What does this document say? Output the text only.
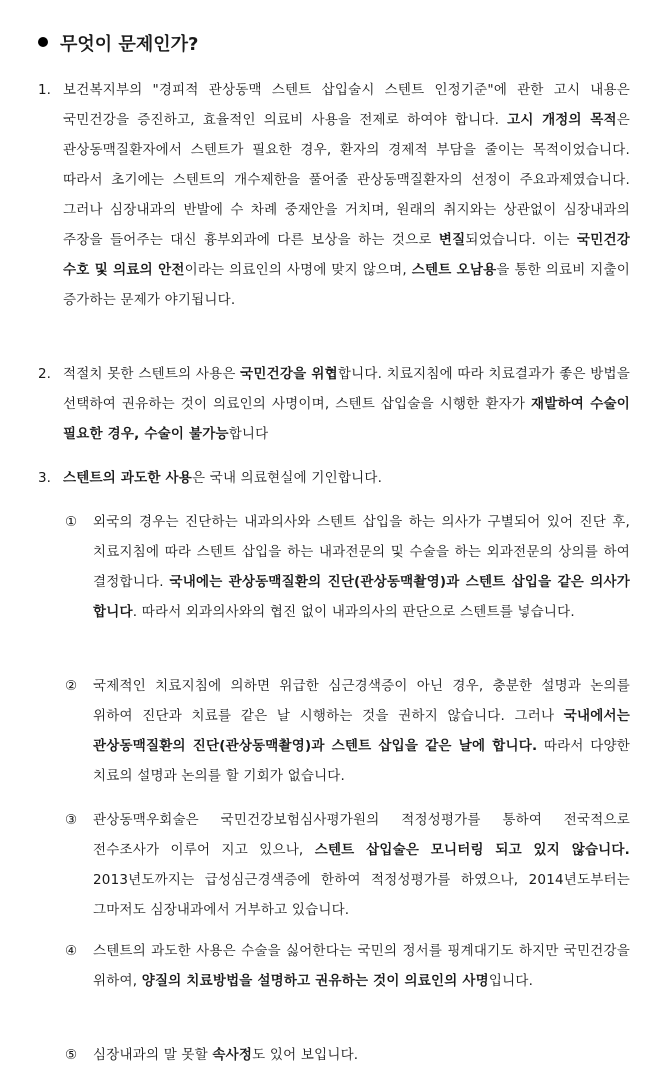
무엇이 문제인가?
1. 보건복지부의 "경피적 관상동맥 스텐트 삽입술시 스텐트 인정기준"에 관한 고시 내용은 국민건강을 증진하고, 효율적인 의료비 사용을 전제로 하여야 합니다. 고시 개정의 목적은 관상동맥질환자에서 스텐트가 필요한 경우, 환자의 경제적 부담을 줄이는 목적이었습니다. 따라서 초기에는 스텐트의 개수제한을 풀어줄 관상동맥질환자의 선정이 주요과제였습니다. 그러나 심장내과의 반발에 수 차례 중재안을 거치며, 원래의 취지와는 상관없이 심장내과의 주장을 들어주는 대신 흉부외과에 다른 보상을 하는 것으로 변질되었습니다. 이는 국민건강 수호 및 의료의 안전이라는 의료인의 사명에 맞지 않으며, 스텐트 오남용을 통한 의료비 지출이 증가하는 문제가 야기됩니다.
2. 적절치 못한 스텐트의 사용은 국민건강을 위협합니다. 치료지침에 따라 치료결과가 좋은 방법을 선택하여 권유하는 것이 의료인의 사명이며, 스텐트 삽입술을 시행한 환자가 재발하여 수술이 필요한 경우, 수술이 불가능합니다
3. 스텐트의 과도한 사용은 국내 의료현실에 기인합니다.
① 외국의 경우는 진단하는 내과의사와 스텐트 삽입을 하는 의사가 구별되어 있어 진단 후, 치료지침에 따라 스텐트 삽입을 하는 내과전문의 및 수술을 하는 외과전문의 상의를 하여 결정합니다. 국내에는 관상동맥질환의 진단(관상동맥촬영)과 스텐트 삽입을 같은 의사가 합니다. 따라서 외과의사와의 협진 없이 내과의사의 판단으로 스텐트를 넣습니다.
② 국제적인 치료지침에 의하면 위급한 심근경색증이 아닌 경우, 충분한 설명과 논의를 위하여 진단과 치료를 같은 날 시행하는 것을 권하지 않습니다. 그러나 국내에서는 관상동맥질환의 진단(관상동맥촬영)과 스텐트 삽입을 같은 날에 합니다. 따라서 다양한 치료의 설명과 논의를 할 기회가 없습니다.
③ 관상동맥우회술은 국민건강보험심사평가원의 적정성평가를 통하여 전국적으로 전수조사가 이루어 지고 있으나, 스텐트 삽입술은 모니터링 되고 있지 않습니다. 2013년도까지는 급성심근경색증에 한하여 적정성평가를 하였으나, 2014년도부터는 그마저도 심장내과에서 거부하고 있습니다.
④ 스텐트의 과도한 사용은 수술을 싫어한다는 국민의 정서를 핑계대기도 하지만 국민건강을 위하여, 양질의 치료방법을 설명하고 권유하는 것이 의료인의 사명입니다.
⑤ 심장내과의 말 못할 속사정도 있어 보입니다.
